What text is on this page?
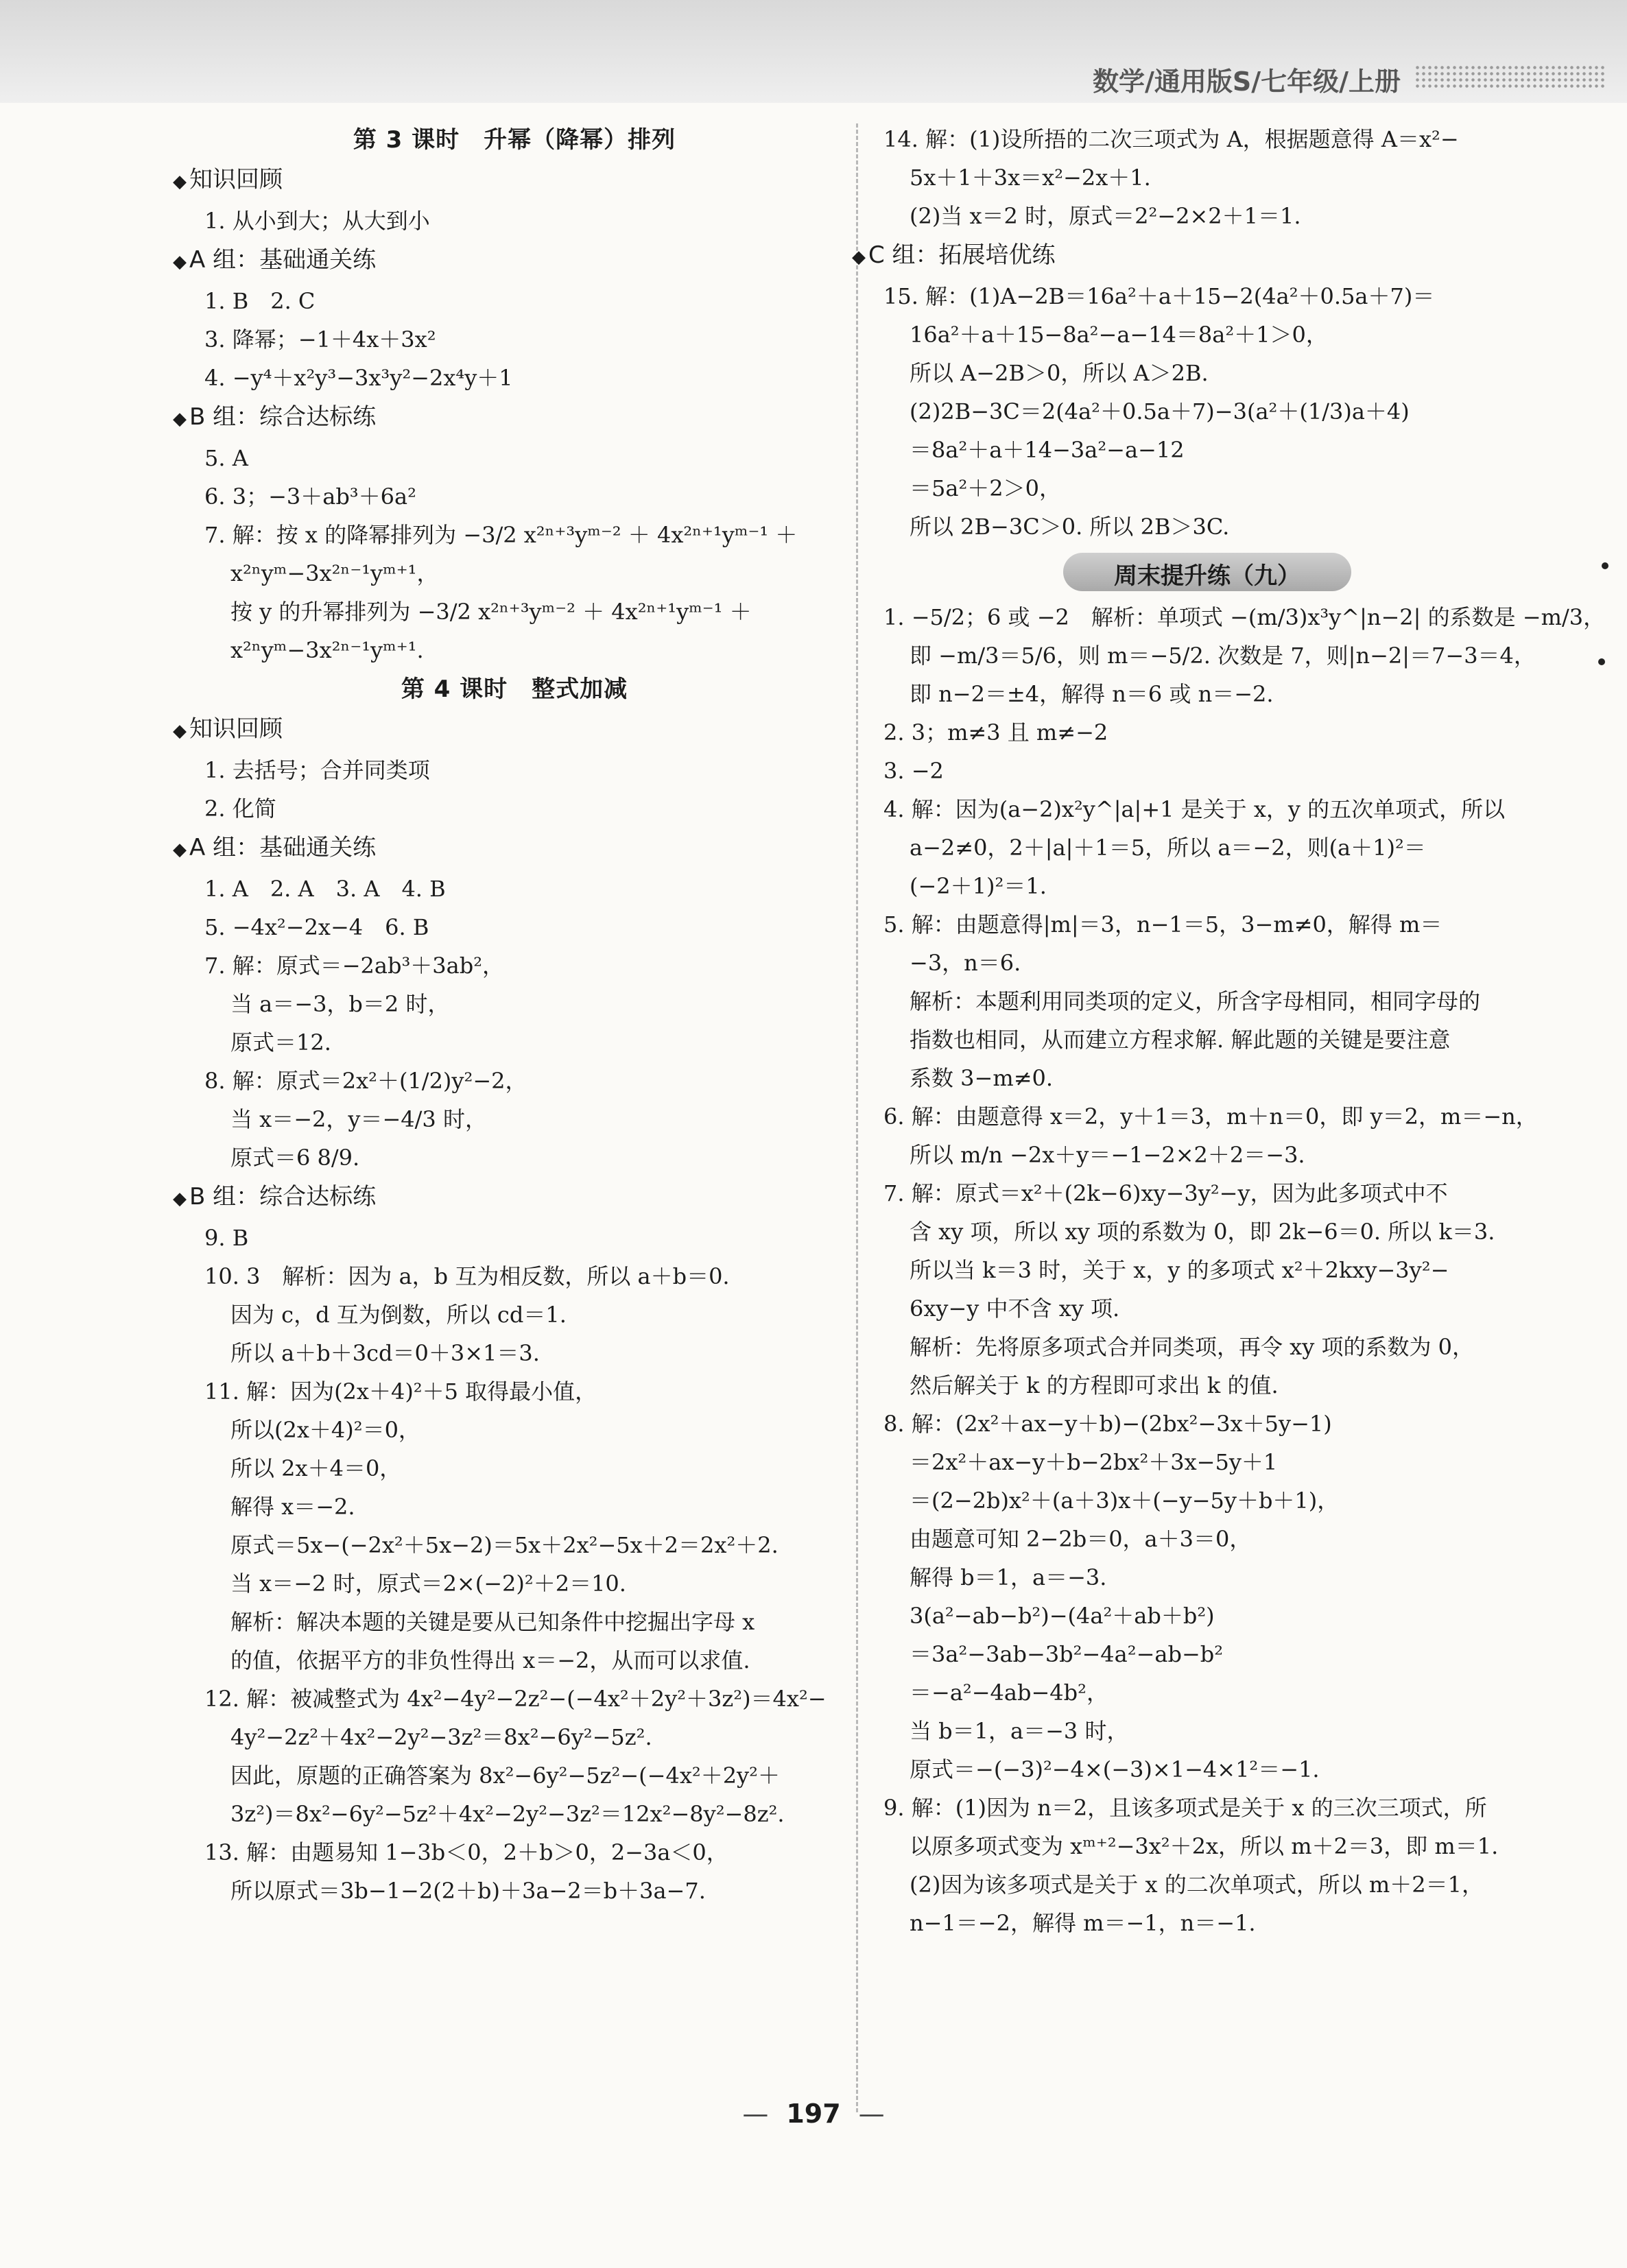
数学/通用版S/七年级/上册
第 3 课时　升幂（降幂）排列
◆ 知识回顾
1. 从小到大；从大到小
◆ A 组：基础通关练
1. B　2. C
3. 降幂；−1＋4x＋3x²
4. −y⁴＋x²y³−3x³y²−2x⁴y＋1
◆ B 组：综合达标练
5. A
6. 3；−3＋ab³＋6a²
7. 解：按 x 的降幂排列为 −3/2 x²ⁿ⁺³yᵐ⁻² ＋ 4x²ⁿ⁺¹yᵐ⁻¹ ＋
x²ⁿyᵐ−3x²ⁿ⁻¹yᵐ⁺¹，
按 y 的升幂排列为 −3/2 x²ⁿ⁺³yᵐ⁻² ＋ 4x²ⁿ⁺¹yᵐ⁻¹ ＋
x²ⁿyᵐ−3x²ⁿ⁻¹yᵐ⁺¹.
第 4 课时　整式加减
◆ 知识回顾
1. 去括号；合并同类项
2. 化简
◆ A 组：基础通关练
1. A　2. A　3. A　4. B
5. −4x²−2x−4　6. B
7. 解：原式＝−2ab³＋3ab²，
当 a＝−3，b＝2 时，
原式＝12.
8. 解：原式＝2x²＋(1/2)y²−2，
当 x＝−2，y＝−4/3 时，
原式＝6 8/9.
◆ B 组：综合达标练
9. B
10. 3　解析：因为 a，b 互为相反数，所以 a＋b＝0.
因为 c，d 互为倒数，所以 cd＝1.
所以 a＋b＋3cd＝0＋3×1＝3.
11. 解：因为(2x＋4)²＋5 取得最小值，
所以(2x＋4)²＝0，
所以 2x＋4＝0，
解得 x＝−2.
原式＝5x−(−2x²＋5x−2)＝5x＋2x²−5x＋2＝2x²＋2.
当 x＝−2 时，原式＝2×(−2)²＋2＝10.
解析：解决本题的关键是要从已知条件中挖掘出字母 x
的值，依据平方的非负性得出 x＝−2，从而可以求值.
12. 解：被减整式为 4x²−4y²−2z²−(−4x²＋2y²＋3z²)＝4x²−
4y²−2z²＋4x²−2y²−3z²＝8x²−6y²−5z².
因此，原题的正确答案为 8x²−6y²−5z²−(−4x²＋2y²＋
3z²)＝8x²−6y²−5z²＋4x²−2y²−3z²＝12x²−8y²−8z².
13. 解：由题易知 1−3b＜0，2＋b＞0，2−3a＜0，
所以原式＝3b−1−2(2＋b)＋3a−2＝b＋3a−7.
14. 解：(1)设所捂的二次三项式为 A，根据题意得 A＝x²−
5x＋1＋3x＝x²−2x＋1.
(2)当 x＝2 时，原式＝2²−2×2＋1＝1.
◆ C 组：拓展培优练
15. 解：(1)A−2B＝16a²＋a＋15−2(4a²＋0.5a＋7)＝
16a²＋a＋15−8a²−a−14＝8a²＋1＞0，
所以 A−2B＞0，所以 A＞2B.
(2)2B−3C＝2(4a²＋0.5a＋7)−3(a²＋(1/3)a＋4)
＝8a²＋a＋14−3a²−a−12
＝5a²＋2＞0，
所以 2B−3C＞0. 所以 2B＞3C.
周末提升练（九）
1. −5/2；6 或 −2　解析：单项式 −(m/3)x³y^|n−2| 的系数是 −m/3，
即 −m/3＝5/6，则 m＝−5/2. 次数是 7，则|n−2|＝7−3＝4，
即 n−2＝±4，解得 n＝6 或 n＝−2.
2. 3；m≠3 且 m≠−2
3. −2
4. 解：因为(a−2)x²y^|a|+1 是关于 x，y 的五次单项式，所以
a−2≠0，2＋|a|＋1＝5，所以 a＝−2，则(a＋1)²＝
(−2＋1)²＝1.
5. 解：由题意得|m|＝3，n−1＝5，3−m≠0，解得 m＝
−3，n＝6.
解析：本题利用同类项的定义，所含字母相同，相同字母的
指数也相同，从而建立方程求解. 解此题的关键是要注意
系数 3−m≠0.
6. 解：由题意得 x＝2，y＋1＝3，m＋n＝0，即 y＝2，m＝−n，
所以 m/n −2x＋y＝−1−2×2＋2＝−3.
7. 解：原式＝x²＋(2k−6)xy−3y²−y，因为此多项式中不
含 xy 项，所以 xy 项的系数为 0，即 2k−6＝0. 所以 k＝3.
所以当 k＝3 时，关于 x，y 的多项式 x²＋2kxy−3y²−
6xy−y 中不含 xy 项.
解析：先将原多项式合并同类项，再令 xy 项的系数为 0，
然后解关于 k 的方程即可求出 k 的值.
8. 解：(2x²＋ax−y＋b)−(2bx²−3x＋5y−1)
＝2x²＋ax−y＋b−2bx²＋3x−5y＋1
＝(2−2b)x²＋(a＋3)x＋(−y−5y＋b＋1)，
由题意可知 2−2b＝0，a＋3＝0，
解得 b＝1，a＝−3.
3(a²−ab−b²)−(4a²＋ab＋b²)
＝3a²−3ab−3b²−4a²−ab−b²
＝−a²−4ab−4b²，
当 b＝1，a＝−3 时，
原式＝−(−3)²−4×(−3)×1−4×1²＝−1.
9. 解：(1)因为 n＝2，且该多项式是关于 x 的三次三项式，所
以原多项式变为 xᵐ⁺²−3x²＋2x，所以 m＋2＝3，即 m＝1.
(2)因为该多项式是关于 x 的二次单项式，所以 m＋2＝1，
n−1＝−2，解得 m＝−1，n＝−1.
— 197 —
